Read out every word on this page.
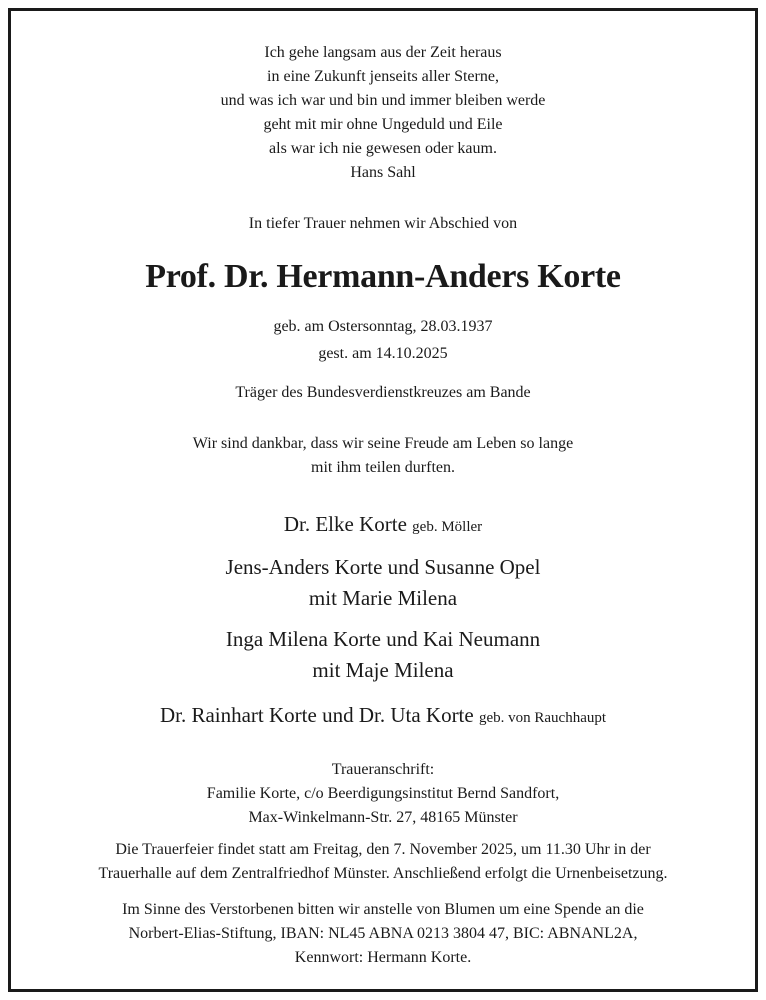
Ich gehe langsam aus der Zeit heraus
in eine Zukunft jenseits aller Sterne,
und was ich war und bin und immer bleiben werde
geht mit mir ohne Ungeduld und Eile
als war ich nie gewesen oder kaum.
Hans Sahl
In tiefer Trauer nehmen wir Abschied von
Prof. Dr. Hermann-Anders Korte
geb. am Ostersonntag, 28.03.1937
gest. am 14.10.2025
Träger des Bundesverdienstkreuzes am Bande
Wir sind dankbar, dass wir seine Freude am Leben so lange
mit ihm teilen durften.
Dr. Elke Korte geb. Möller
Jens-Anders Korte und Susanne Opel
mit Marie Milena
Inga Milena Korte und Kai Neumann
mit Maje Milena
Dr. Rainhart Korte und Dr. Uta Korte geb. von Rauchhaupt
Traueranschrift:
Familie Korte, c/o Beerdigungsinstitut Bernd Sandfort,
Max-Winkelmann-Str. 27, 48165 Münster
Die Trauerfeier findet statt am Freitag, den 7. November 2025, um 11.30 Uhr in der
Trauerhalle auf dem Zentralfriedhof Münster. Anschließend erfolgt die Urnenbeisetzung.
Im Sinne des Verstorbenen bitten wir anstelle von Blumen um eine Spende an die
Norbert-Elias-Stiftung, IBAN: NL45 ABNA 0213 3804 47, BIC: ABNANL2A,
Kennwort: Hermann Korte.
